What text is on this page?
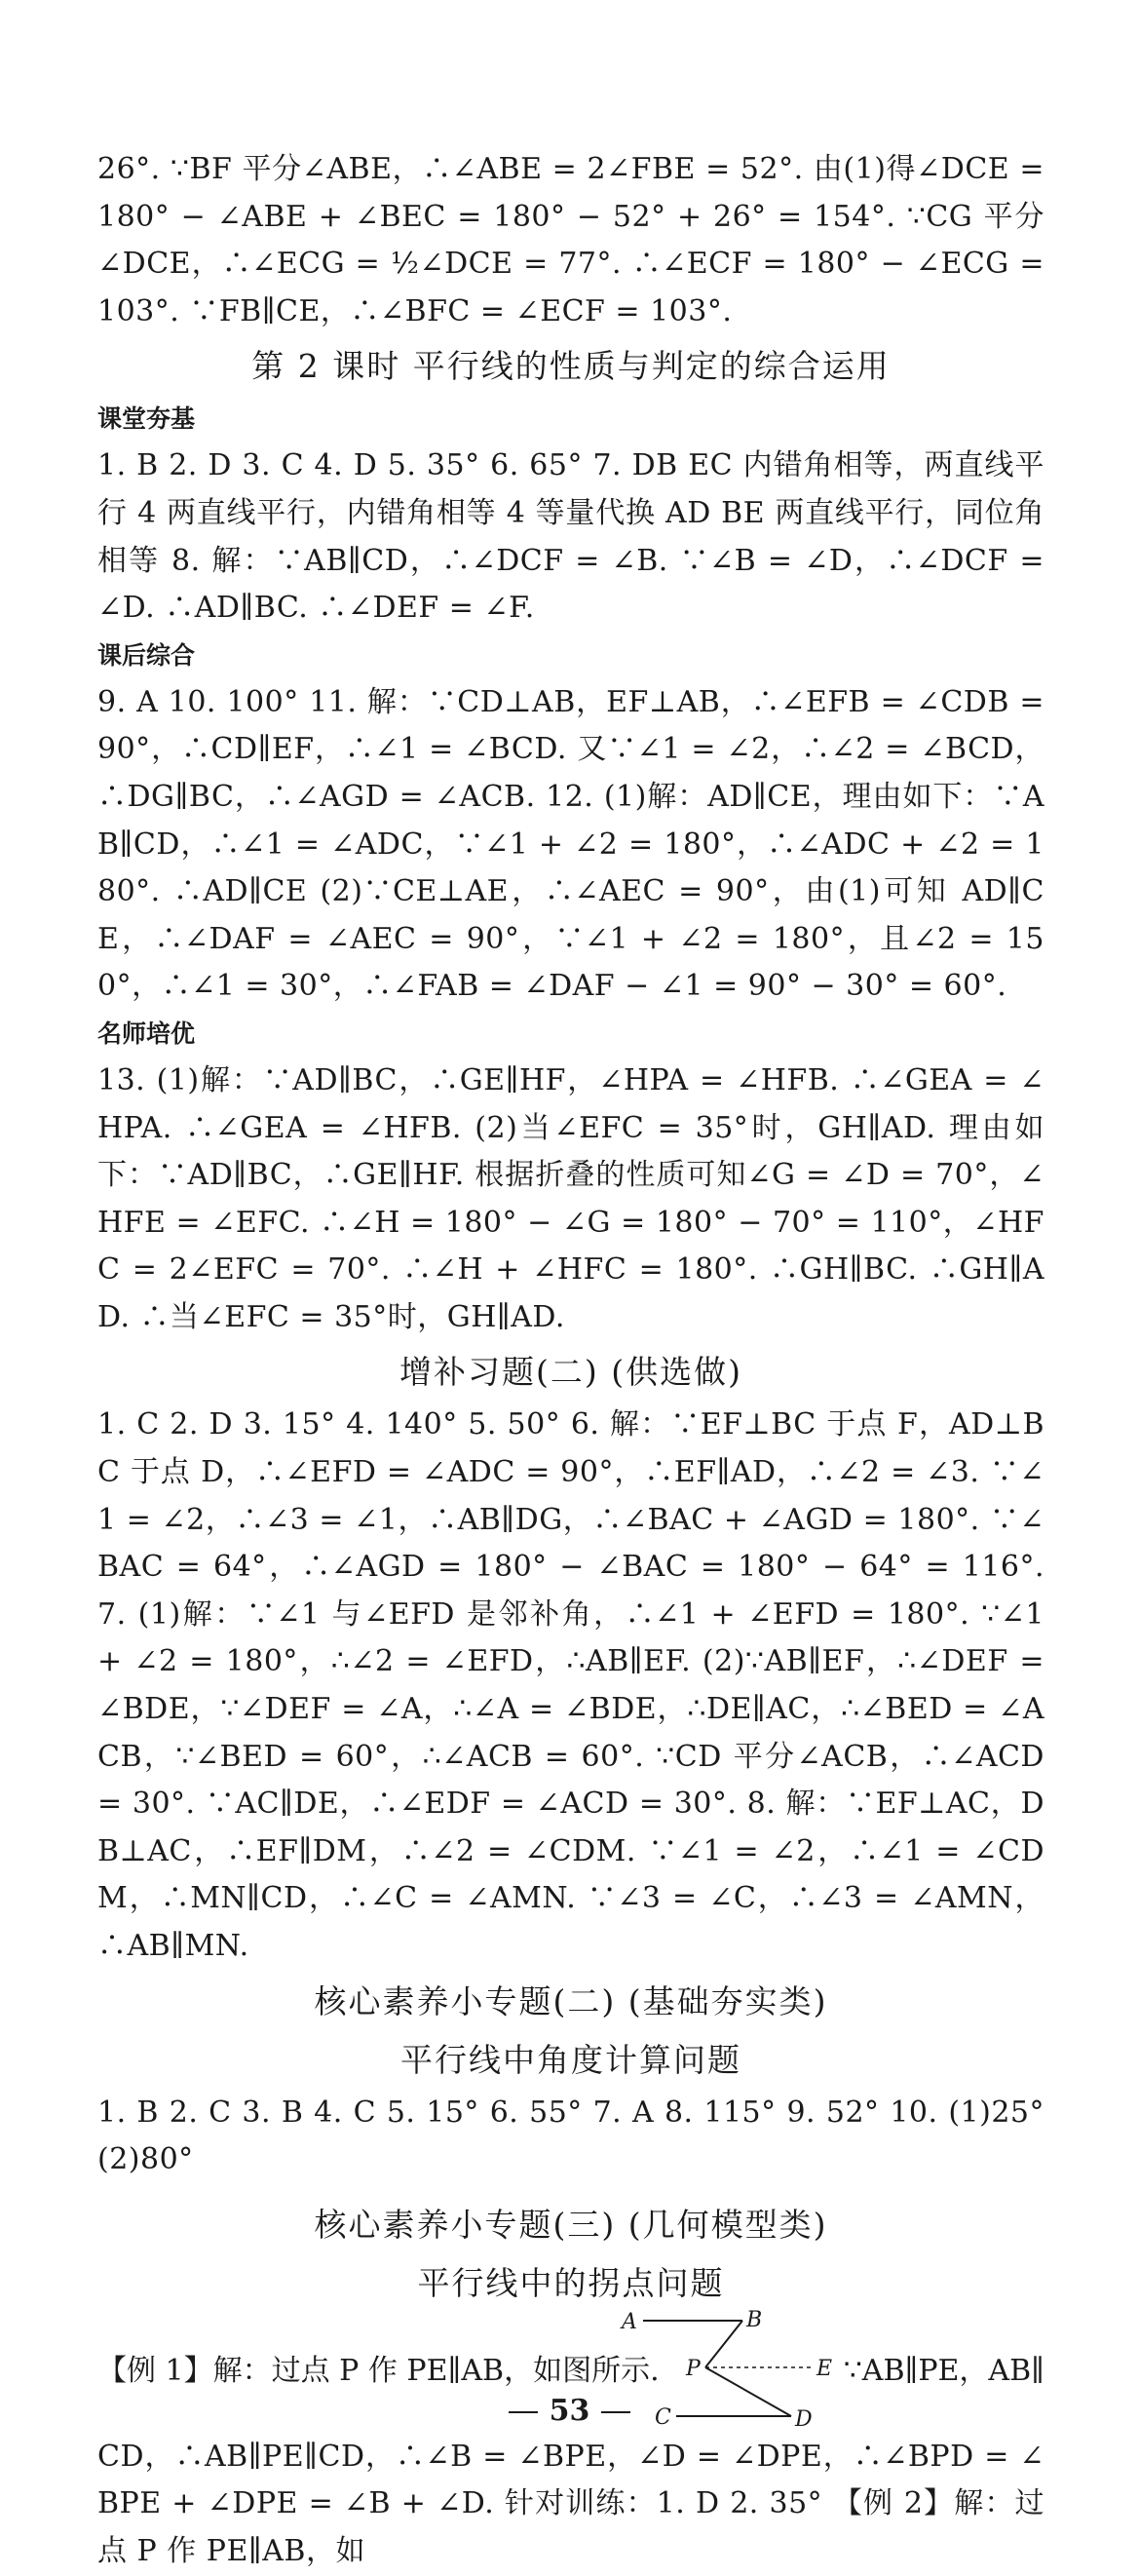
26°. ∵BF 平分∠ABE，∴∠ABE = 2∠FBE = 52°. 由(1)得∠DCE = 180° − ∠ABE + ∠BEC = 180° − 52° + 26° = 154°. ∵CG 平分∠DCE，∴∠ECG = ½∠DCE = 77°. ∴∠ECF = 180° − ∠ECG = 103°. ∵FB∥CE，∴∠BFC = ∠ECF = 103°.

第 2 课时 平行线的性质与判定的综合运用
课堂夯基

1. B 2. D 3. C 4. D 5. 35° 6. 65° 7. DB EC 内错角相等，两直线平行 4 两直线平行，内错角相等 4 等量代换 AD BE 两直线平行，同位角相等 8. 解：∵AB∥CD，∴∠DCF = ∠B. ∵∠B = ∠D，∴∠DCF = ∠D. ∴AD∥BC. ∴∠DEF = ∠F.

课后综合

9. A 10. 100° 11. 解：∵CD⊥AB，EF⊥AB，∴∠EFB = ∠CDB = 90°，∴CD∥EF，∴∠1 = ∠BCD. 又∵∠1 = ∠2，∴∠2 = ∠BCD，∴DG∥BC，∴∠AGD = ∠ACB. 12. (1)解：AD∥CE，理由如下：∵AB∥CD，∴∠1 = ∠ADC，∵∠1 + ∠2 = 180°，∴∠ADC + ∠2 = 180°. ∴AD∥CE (2)∵CE⊥AE，∴∠AEC = 90°，由(1)可知 AD∥CE，∴∠DAF = ∠AEC = 90°，∵∠1 + ∠2 = 180°，且∠2 = 150°，∴∠1 = 30°，∴∠FAB = ∠DAF − ∠1 = 90° − 30° = 60°.

名师培优

13. (1)解：∵AD∥BC，∴GE∥HF，∠HPA = ∠HFB. ∴∠GEA = ∠HPA. ∴∠GEA = ∠HFB. (2)当∠EFC = 35°时，GH∥AD. 理由如下：∵AD∥BC，∴GE∥HF. 根据折叠的性质可知∠G = ∠D = 70°，∠HFE = ∠EFC. ∴∠H = 180° − ∠G = 180° − 70° = 110°，∠HFC = 2∠EFC = 70°. ∴∠H + ∠HFC = 180°. ∴GH∥BC. ∴GH∥AD. ∴当∠EFC = 35°时，GH∥AD.

增补习题(二) (供选做)

1. C 2. D 3. 15° 4. 140° 5. 50° 6. 解：∵EF⊥BC 于点 F，AD⊥BC 于点 D，∴∠EFD = ∠ADC = 90°，∴EF∥AD，∴∠2 = ∠3. ∵∠1 = ∠2，∴∠3 = ∠1，∴AB∥DG，∴∠BAC + ∠AGD = 180°. ∵∠BAC = 64°，∴∠AGD = 180° − ∠BAC = 180° − 64° = 116°. 7. (1)解：∵∠1 与∠EFD 是邻补角，∴∠1 + ∠EFD = 180°. ∵∠1 + ∠2 = 180°，∴∠2 = ∠EFD，∴AB∥EF. (2)∵AB∥EF，∴∠DEF = ∠BDE，∵∠DEF = ∠A，∴∠A = ∠BDE，∴DE∥AC，∴∠BED = ∠ACB，∵∠BED = 60°，∴∠ACB = 60°. ∵CD 平分∠ACB，∴∠ACD = 30°. ∵AC∥DE，∴∠EDF = ∠ACD = 30°. 8. 解：∵EF⊥AC，DB⊥AC，∴EF∥DM，∴∠2 = ∠CDM. ∵∠1 = ∠2，∴∠1 = ∠CDM，∴MN∥CD，∴∠C = ∠AMN. ∵∠3 = ∠C，∴∠3 = ∠AMN，∴AB∥MN.

核心素养小专题(二) (基础夯实类)
平行线中角度计算问题

1. B 2. C 3. B 4. C 5. 15° 6. 55° 7. A 8. 115° 9. 52° 10. (1)25° (2)80°

核心素养小专题(三) (几何模型类)
平行线中的拐点问题
【例 1】解：过点 P 作 PE∥AB，如图所示.
A	B
P	E
C	D
∵AB∥PE，AB∥

CD，∴AB∥PE∥CD，∴∠B = ∠BPE，∠D = ∠DPE，∴∠BPD = ∠BPE + ∠DPE = ∠B + ∠D. 针对训练：1. D 2. 35° 【例 2】解：过点 P 作 PE∥AB，如

53
